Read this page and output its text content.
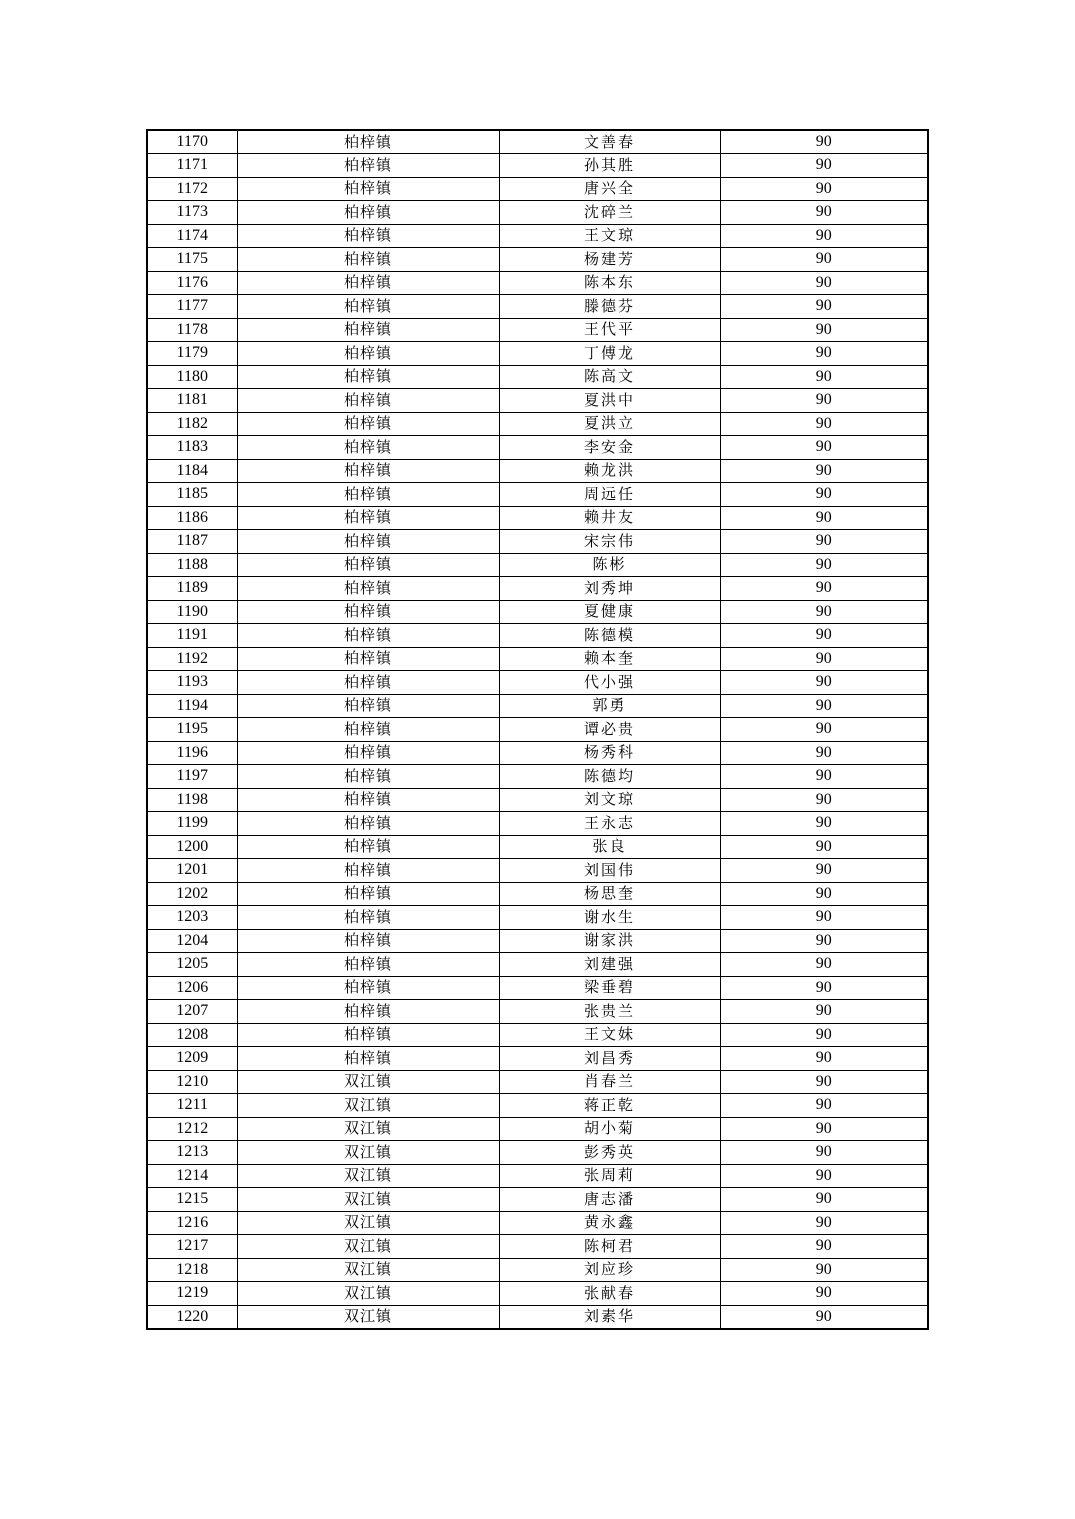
1170	柏梓镇	文善春	90
1171	柏梓镇	孙其胜	90
1172	柏梓镇	唐兴全	90
1173	柏梓镇	沈碎兰	90
1174	柏梓镇	王文琼	90
1175	柏梓镇	杨建芳	90
1176	柏梓镇	陈本东	90
1177	柏梓镇	滕德芬	90
1178	柏梓镇	王代平	90
1179	柏梓镇	丁傅龙	90
1180	柏梓镇	陈高文	90
1181	柏梓镇	夏洪中	90
1182	柏梓镇	夏洪立	90
1183	柏梓镇	李安金	90
1184	柏梓镇	赖龙洪	90
1185	柏梓镇	周远任	90
1186	柏梓镇	赖井友	90
1187	柏梓镇	宋宗伟	90
1188	柏梓镇	陈彬	90
1189	柏梓镇	刘秀坤	90
1190	柏梓镇	夏健康	90
1191	柏梓镇	陈德模	90
1192	柏梓镇	赖本奎	90
1193	柏梓镇	代小强	90
1194	柏梓镇	郭勇	90
1195	柏梓镇	谭必贵	90
1196	柏梓镇	杨秀科	90
1197	柏梓镇	陈德均	90
1198	柏梓镇	刘文琼	90
1199	柏梓镇	王永志	90
1200	柏梓镇	张良	90
1201	柏梓镇	刘国伟	90
1202	柏梓镇	杨思奎	90
1203	柏梓镇	谢水生	90
1204	柏梓镇	谢家洪	90
1205	柏梓镇	刘建强	90
1206	柏梓镇	梁垂碧	90
1207	柏梓镇	张贵兰	90
1208	柏梓镇	王文妹	90
1209	柏梓镇	刘昌秀	90
1210	双江镇	肖春兰	90
1211	双江镇	蒋正乾	90
1212	双江镇	胡小菊	90
1213	双江镇	彭秀英	90
1214	双江镇	张周莉	90
1215	双江镇	唐志潘	90
1216	双江镇	黄永鑫	90
1217	双江镇	陈柯君	90
1218	双江镇	刘应珍	90
1219	双江镇	张献春	90
1220	双江镇	刘素华	90
